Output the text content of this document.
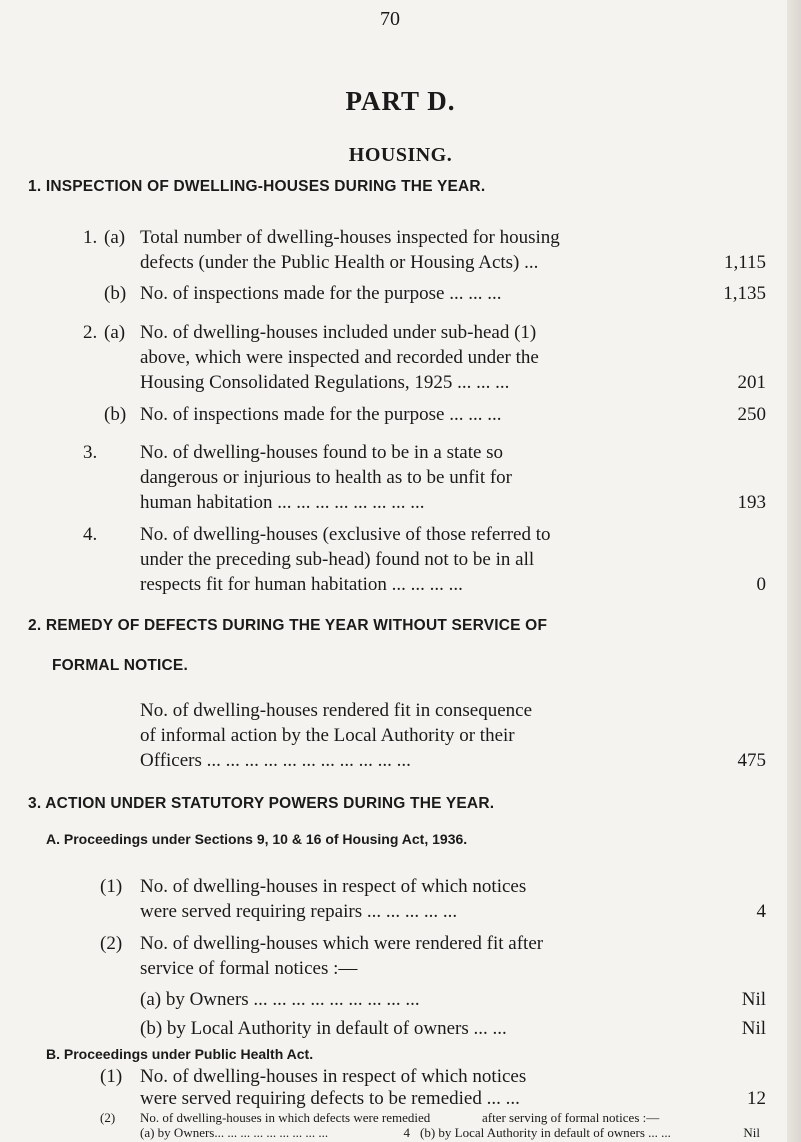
70
PART D.
HOUSING.
1. INSPECTION OF DWELLING-HOUSES DURING THE YEAR.
1. (a) Total number of dwelling-houses inspected for housing
defects (under the Public Health or Housing Acts) ...	1,115
(b) No. of inspections made for the purpose ... ... ...	1,135
2. (a) No. of dwelling-houses included under sub-head (1)
above, which were inspected and recorded under the
Housing Consolidated Regulations, 1925 ... ... ...	201
(b) No. of inspections made for the purpose ... ... ...	250
3. No. of dwelling-houses found to be in a state so
dangerous or injurious to health as to be unfit for
human habitation ... ... ... ... ... ... ... ...	193
4. No. of dwelling-houses (exclusive of those referred to
under the preceding sub-head) found not to be in all
respects fit for human habitation ... ... ... ...	0
2. REMEDY OF DEFECTS DURING THE YEAR WITHOUT SERVICE OF
FORMAL NOTICE.
No. of dwelling-houses rendered fit in consequence
of informal action by the Local Authority or their
Officers ... ... ... ... ... ... ... ... ... ... ...	475
3. ACTION UNDER STATUTORY POWERS DURING THE YEAR.
A. Proceedings under Sections 9, 10 & 16 of Housing Act, 1936.
(1) No. of dwelling-houses in respect of which notices
were served requiring repairs ... ... ... ... ...	4
(2) No. of dwelling-houses which were rendered fit after
service of formal notices :—
(a) by Owners ... ... ... ... ... ... ... ... ...	Nil
(b) by Local Authority in default of owners ... ...	Nil
B. Proceedings under Public Health Act.
(1) No. of dwelling-houses in respect of which notices
were served requiring defects to be remedied ... ...	12
(2) No. of dwelling-houses in which defects were remedied	after serving of formal notices :—
(a) by Owners... ... ... ... ... ... ... ... ...	4 (b) by Local Authority in default of owners ... ...	Nil
